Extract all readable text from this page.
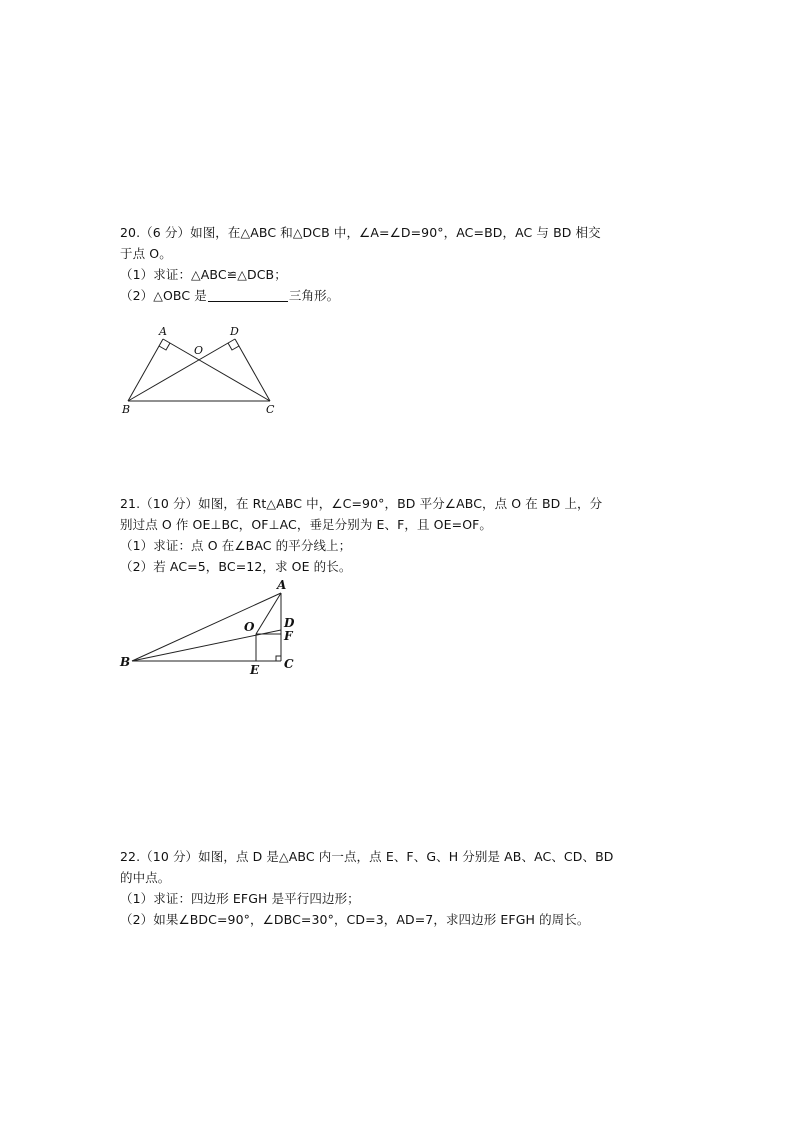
20.（6 分）如图，在△ABC 和△DCB 中，∠A=∠D=90°，AC=BD，AC 与 BD 相交
于点 O。
（1）求证：△ABC≌△DCB；
（2）△OBC 是	三角形。
A	D
O
B	C
21.（10 分）如图，在 Rt△ABC 中，∠C=90°，BD 平分∠ABC，点 O 在 BD 上，分
别过点 O 作 OE⊥BC，OF⊥AC，垂足分别为 E、F，且 OE=OF。
（1）求证：点 O 在∠BAC 的平分线上；
（2）若 AC=5，BC=12，求 OE 的长。
A
O D
F
B
E C
22.（10 分）如图，点 D 是△ABC 内一点，点 E、F、G、H 分别是 AB、AC、CD、BD
的中点。
（1）求证：四边形 EFGH 是平行四边形；
（2）如果∠BDC=90°，∠DBC=30°，CD=3，AD=7，求四边形 EFGH 的周长。
